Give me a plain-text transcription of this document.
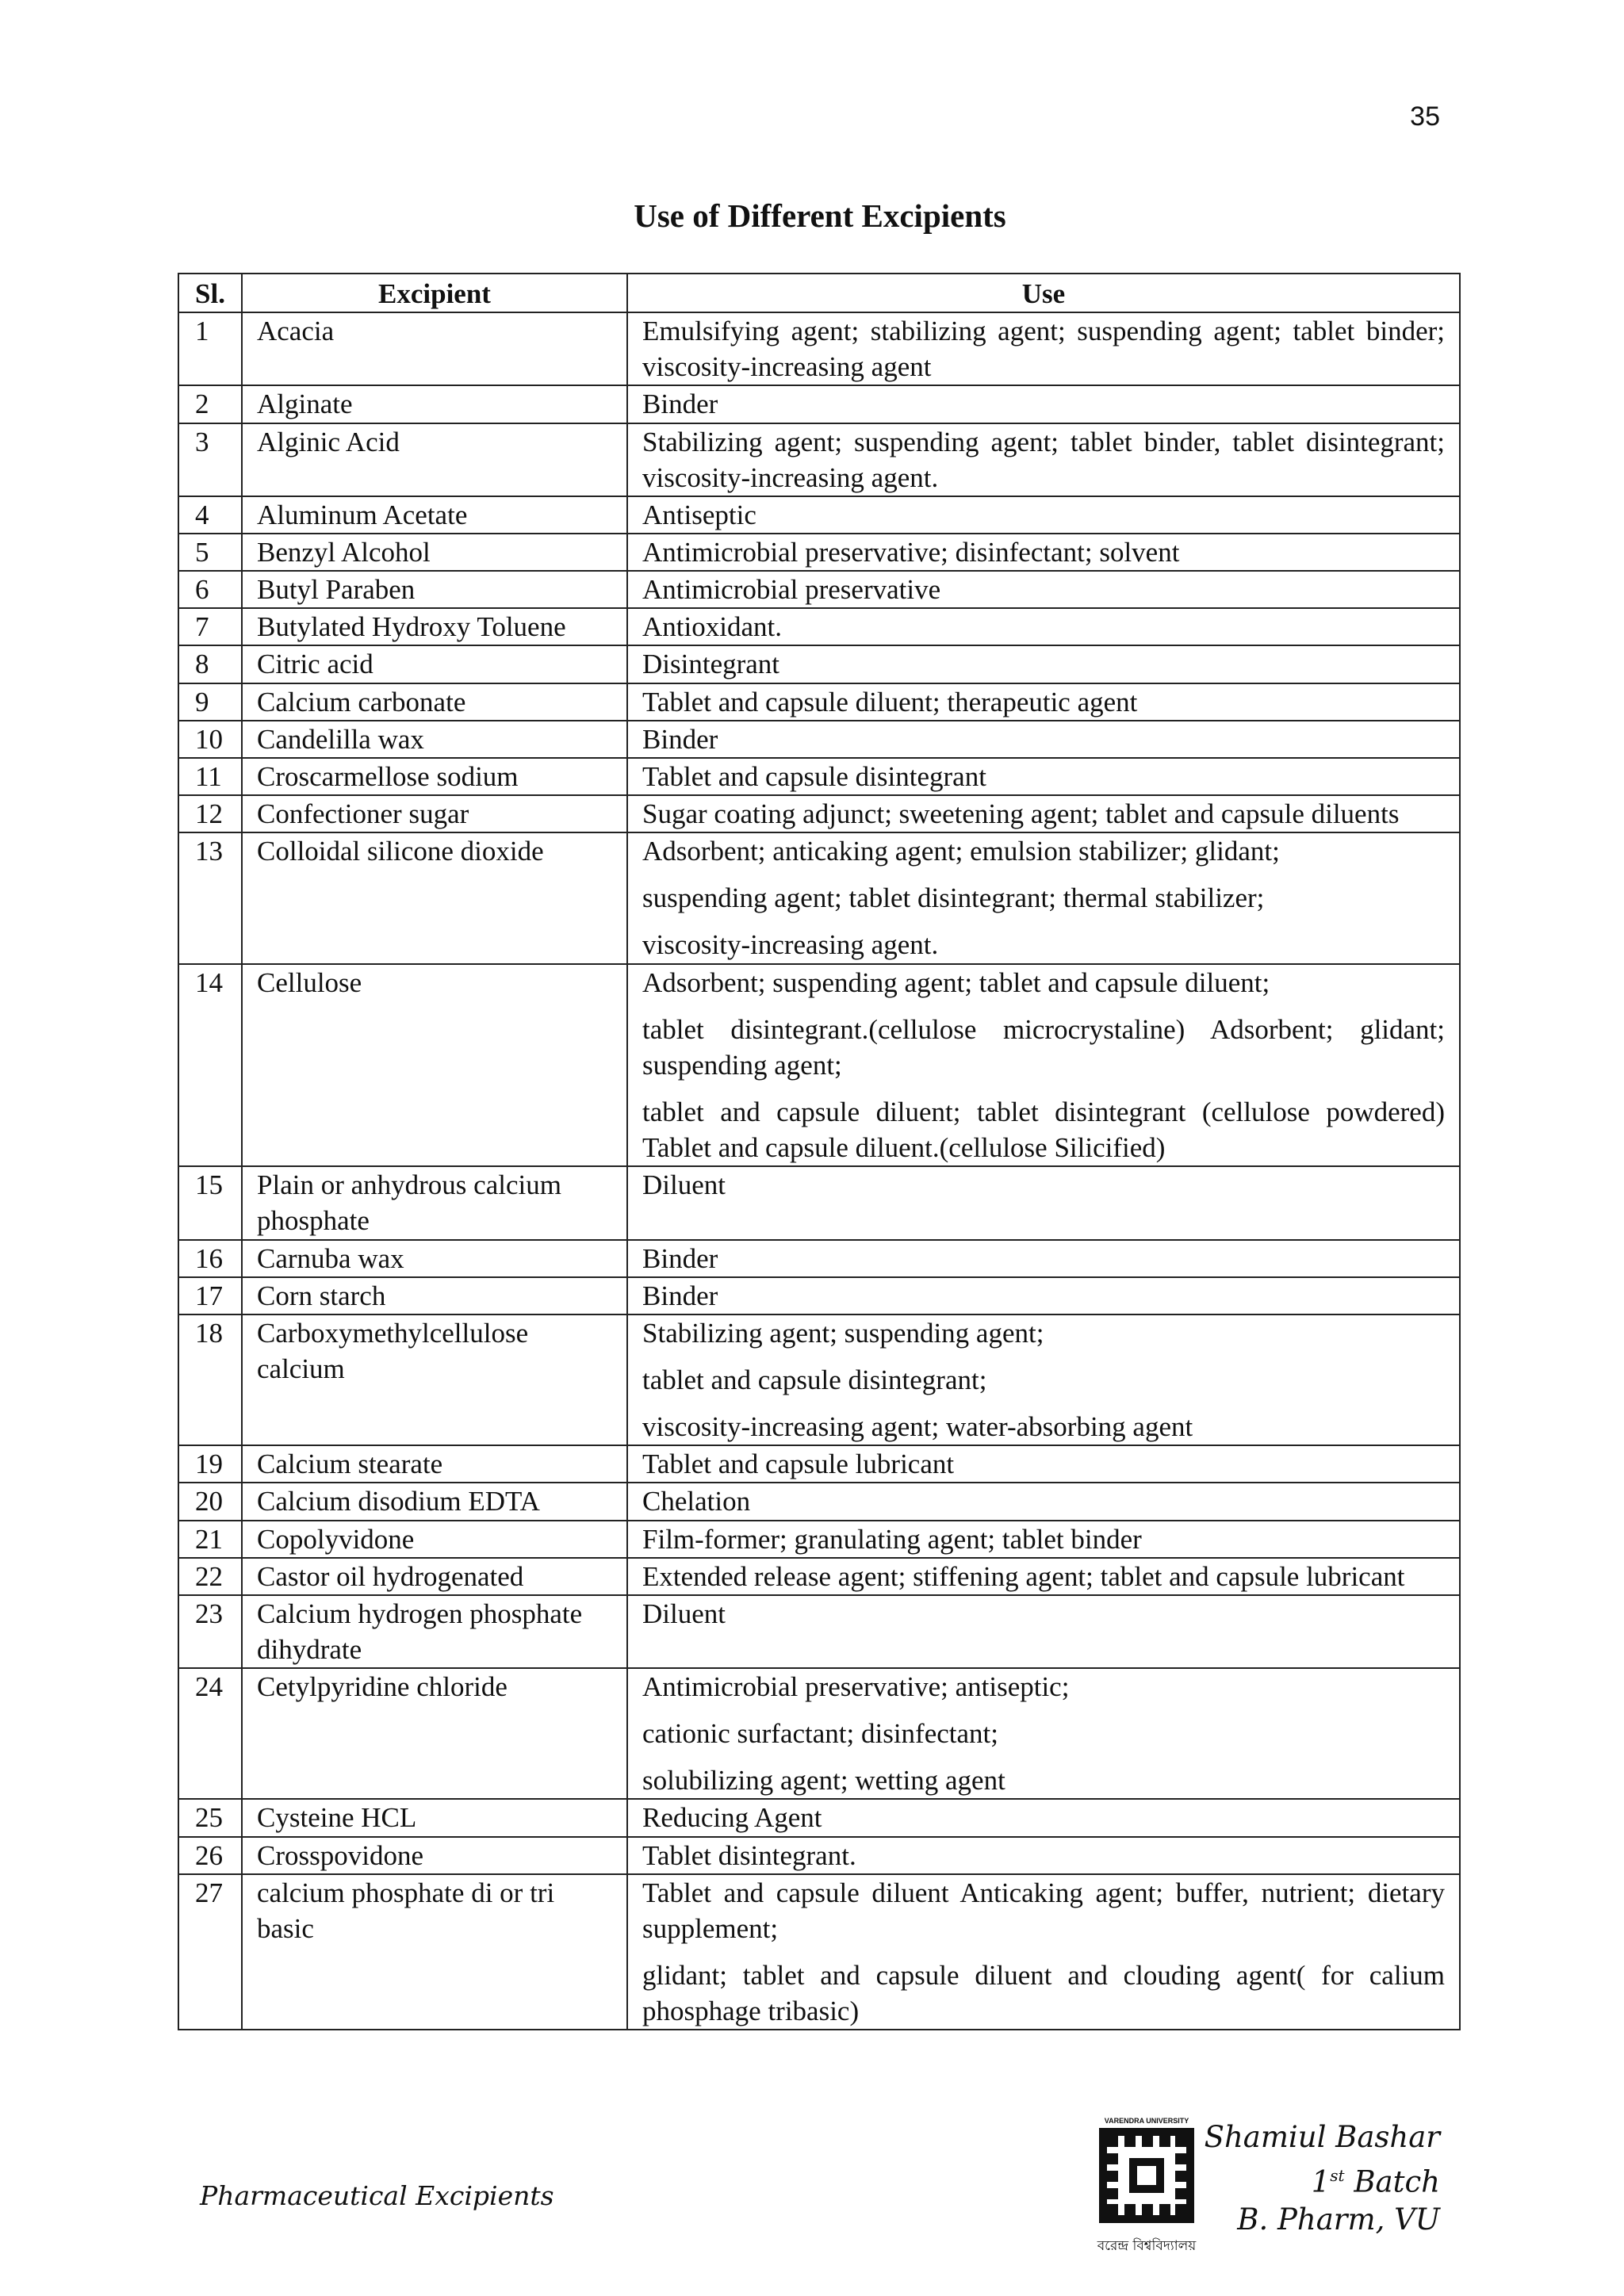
35
Use of Different Excipients
Sl.	Excipient	Use
1	Acacia	Emulsifying agent; stabilizing agent; suspending agent; tablet binder; viscosity-increasing agent

2	Alginate	Binder

3	Alginic Acid	Stabilizing agent; suspending agent; tablet binder, tablet disintegrant; viscosity-increasing agent.

4	Aluminum Acetate	Antiseptic

5	Benzyl Alcohol	Antimicrobial preservative; disinfectant; solvent

6	Butyl Paraben	Antimicrobial preservative

7	Butylated Hydroxy Toluene	Antioxidant.

8	Citric acid	Disintegrant

9	Calcium carbonate	Tablet and capsule diluent; therapeutic agent

10	Candelilla wax	Binder

11	Croscarmellose sodium	Tablet and capsule disintegrant

12	Confectioner sugar	Sugar coating adjunct; sweetening agent; tablet and capsule diluents

13	Colloidal silicone dioxide	Adsorbent; anticaking agent; emulsion stabilizer; glidant;
suspending agent; tablet disintegrant; thermal stabilizer;
viscosity-increasing agent.

14	Cellulose	Adsorbent; suspending agent; tablet and capsule diluent;
tablet disintegrant.(cellulose microcrystaline) Adsorbent; glidant; suspending agent;
tablet and capsule diluent; tablet disintegrant (cellulose powdered) Tablet and capsule diluent.(cellulose Silicified)

15	Plain or anhydrous calcium phosphate	Diluent

16	Carnuba wax	Binder

17	Corn starch	Binder

18	Carboxymethylcellulose calcium	Stabilizing agent; suspending agent;
tablet and capsule disintegrant;
viscosity-increasing agent; water-absorbing agent

19	Calcium stearate	Tablet and capsule lubricant

20	Calcium disodium EDTA	Chelation

21	Copolyvidone	Film-former; granulating agent; tablet binder

22	Castor oil hydrogenated	Extended release agent; stiffening agent; tablet and capsule lubricant

23	Calcium hydrogen phosphate dihydrate	Diluent

24	Cetylpyridine chloride	Antimicrobial preservative; antiseptic;
cationic surfactant; disinfectant;
solubilizing agent; wetting agent

25	Cysteine HCL	Reducing Agent

26	Crosspovidone	Tablet disintegrant.

27	calcium phosphate di or tri basic	Tablet and capsule diluent Anticaking agent; buffer, nutrient; dietary supplement;
glidant; tablet and capsule diluent and clouding agent( for calium phosphage tribasic)
Pharmaceutical Excipients
VARENDRA UNIVERSITY
বরেন্দ্র বিশ্ববিদ্যালয়
Shamiul Bashar
1st Batch
B. Pharm, VU
